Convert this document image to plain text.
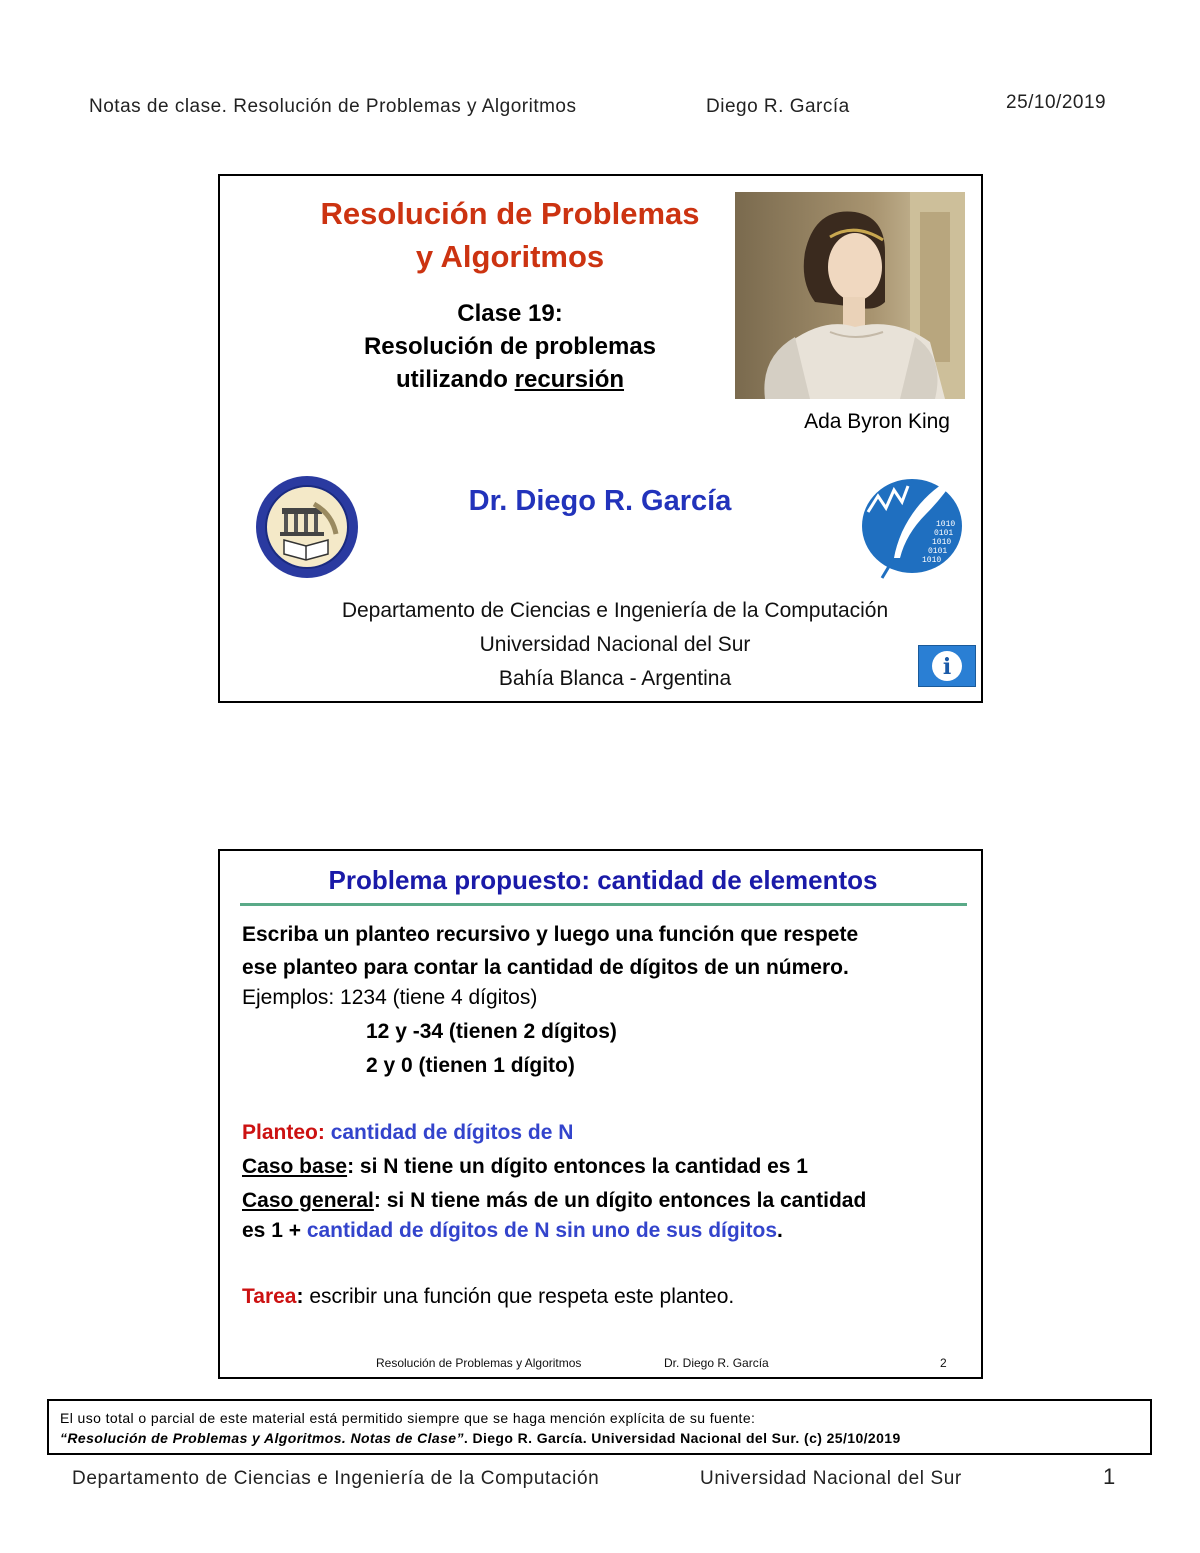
Notas de clase. Resolución de Problemas y Algoritmos	Diego R. García	25/10/2019
Resolución de Problemas
y Algoritmos
Clase 19:
Resolución de problemas
utilizando recursión
Ada Byron King
Dr. Diego R. García
1010
0101
1010
0101
1010
Departamento de Ciencias e Ingeniería de la Computación
Universidad Nacional del Sur
Bahía Blanca - Argentina	i
Problema propuesto: cantidad de elementos
Escriba un planteo recursivo y luego una función que respete
ese planteo para contar la cantidad de dígitos de un número.
Ejemplos: 1234 (tiene 4 dígitos)
12 y -34 (tienen 2 dígitos)
2 y 0 (tienen 1 dígito)
Planteo: cantidad de dígitos de N
Caso base: si N tiene un dígito entonces la cantidad es 1
Caso general: si N tiene más de un dígito entonces la cantidad
es 1 + cantidad de dígitos de N sin uno de sus dígitos.
Tarea: escribir una función que respeta este planteo.
Resolución de Problemas y Algoritmos	Dr. Diego R. García	2
El uso total o parcial de este material está permitido siempre que se haga mención explícita de su fuente:
“Resolución de Problemas y Algoritmos. Notas de Clase”. Diego R. García. Universidad Nacional del Sur. (c) 25/10/2019
Departamento de Ciencias e Ingeniería de la Computación	Universidad Nacional del Sur	1
